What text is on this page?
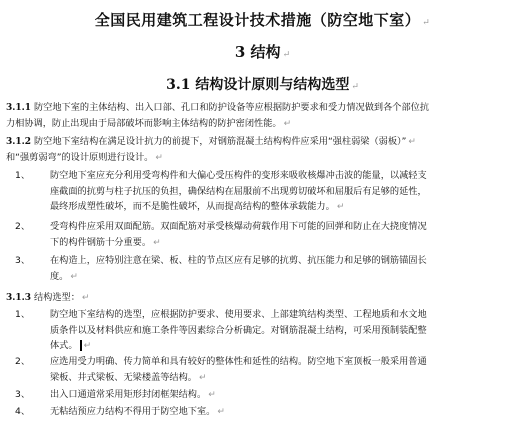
全国民用建筑工程设计技术措施（防空地下室） ↵
3 结构 ↵
3.1 结构设计原则与结构选型 ↵
3.1.1 防空地下室的主体结构、出入口部、孔口和防护设备等应根据防护要求和受力情况做到各个部位抗
力相协调，防止出现由于局部破坏而影响主体结构的防护密闭性能。 ↵
3.1.2 防空地下室结构在满足设计抗力的前提下，对钢筋混凝土结构构件应采用“强柱弱梁（弱板）” ↵
和“强剪弱弯”的设计原则进行设计。 ↵
1、 防空地下室应充分利用受弯构件和大偏心受压构件的变形来吸收核爆冲击波的能量，以减轻支
座截面的抗剪与柱子抗压的负担，确保结构在屈服前不出现剪切破坏和屈服后有足够的延性，
最终形成塑性破坏，而不是脆性破坏，从而提高结构的整体承载能力。 ↵
2、 受弯构件应采用双面配筋。双面配筋对承受核爆动荷载作用下可能的回弹和防止在大挠度情况
下的构件钢筋十分重要。 ↵
3、 在构造上，应特别注意在梁、板、柱的节点区应有足够的抗剪、抗压能力和足够的钢筋锚固长
度。 ↵
3.1.3 结构选型： ↵
1、 防空地下室结构的选型，应根据防护要求、使用要求、上部建筑结构类型、工程地质和水文地
质条件以及材料供应和施工条件等因素综合分析确定。对钢筋混凝土结构，可采用预制装配整
体式。 ↵
2、 应选用受力明确、传力简单和具有较好的整体性和延性的结构。防空地下室顶板一般采用普通
梁板、井式梁板、无梁楼盖等结构。 ↵
3、 出入口通道常采用矩形封闭框架结构。 ↵
4、 无粘结预应力结构不得用于防空地下室。 ↵
